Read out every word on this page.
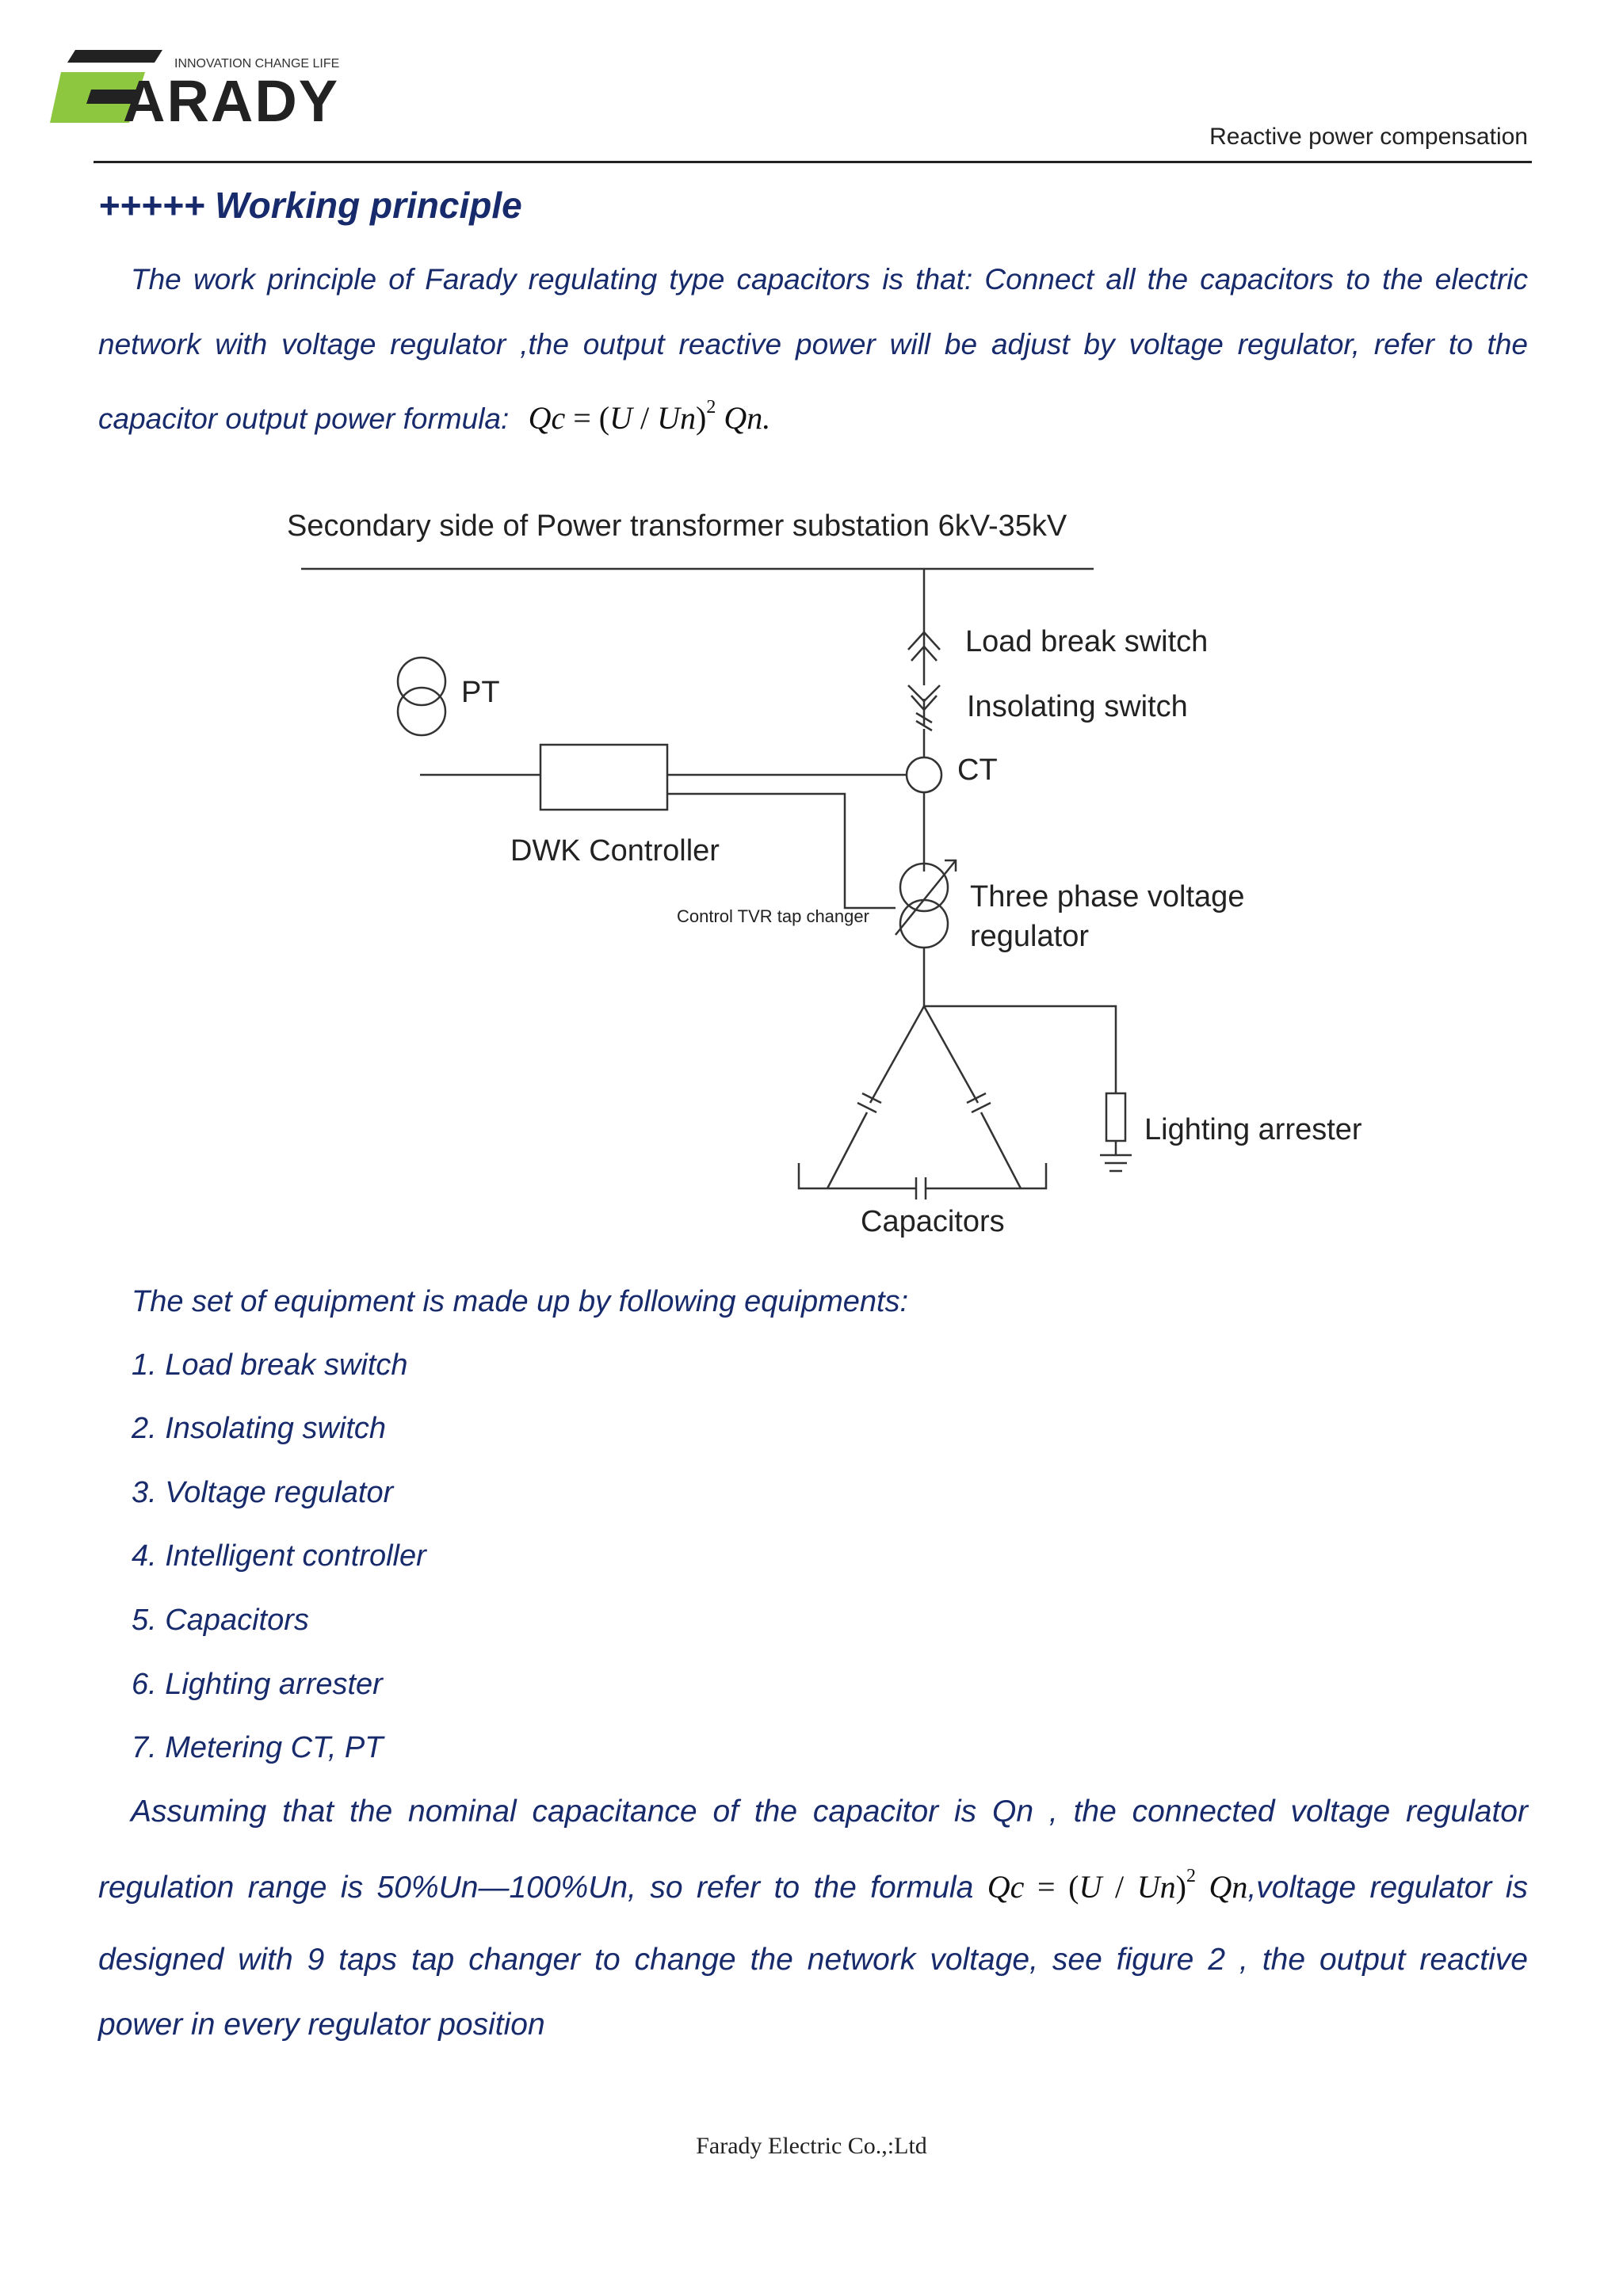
INNOVATION CHANGE LIFE
ARADY
Reactive power compensation
+++++ Working principle
The work principle of Farady regulating type capacitors is that: Connect all the capacitors to the electric
network with voltage regulator ,the output reactive power will be adjust by voltage regulator, refer to the
capacitor output power formula: Qc = (U / Un)$^2$ Qn.
Secondary side of Power transformer substation 6kV-35kV
Load break switch
Insolating switch
PT
CT
DWK Controller
Control TVR tap changer
Three phase voltage
regulator
Lighting arrester
Capacitors
The set of equipment is made up by following equipments:
1. Load break switch
2. Insolating switch
3. Voltage regulator
4. Intelligent controller
5. Capacitors
6. Lighting arrester
7. Metering CT, PT
Assuming that the nominal capacitance of the capacitor is Qn , the connected voltage regulator
regulation range is 50%Un—100%Un, so refer to the formula Qc = (U / Un)$^2$ Qn,voltage regulator is
designed with 9 taps tap changer to change the network voltage, see figure 2 , the output reactive
power in every regulator position
Farady Electric Co.,:Ltd
